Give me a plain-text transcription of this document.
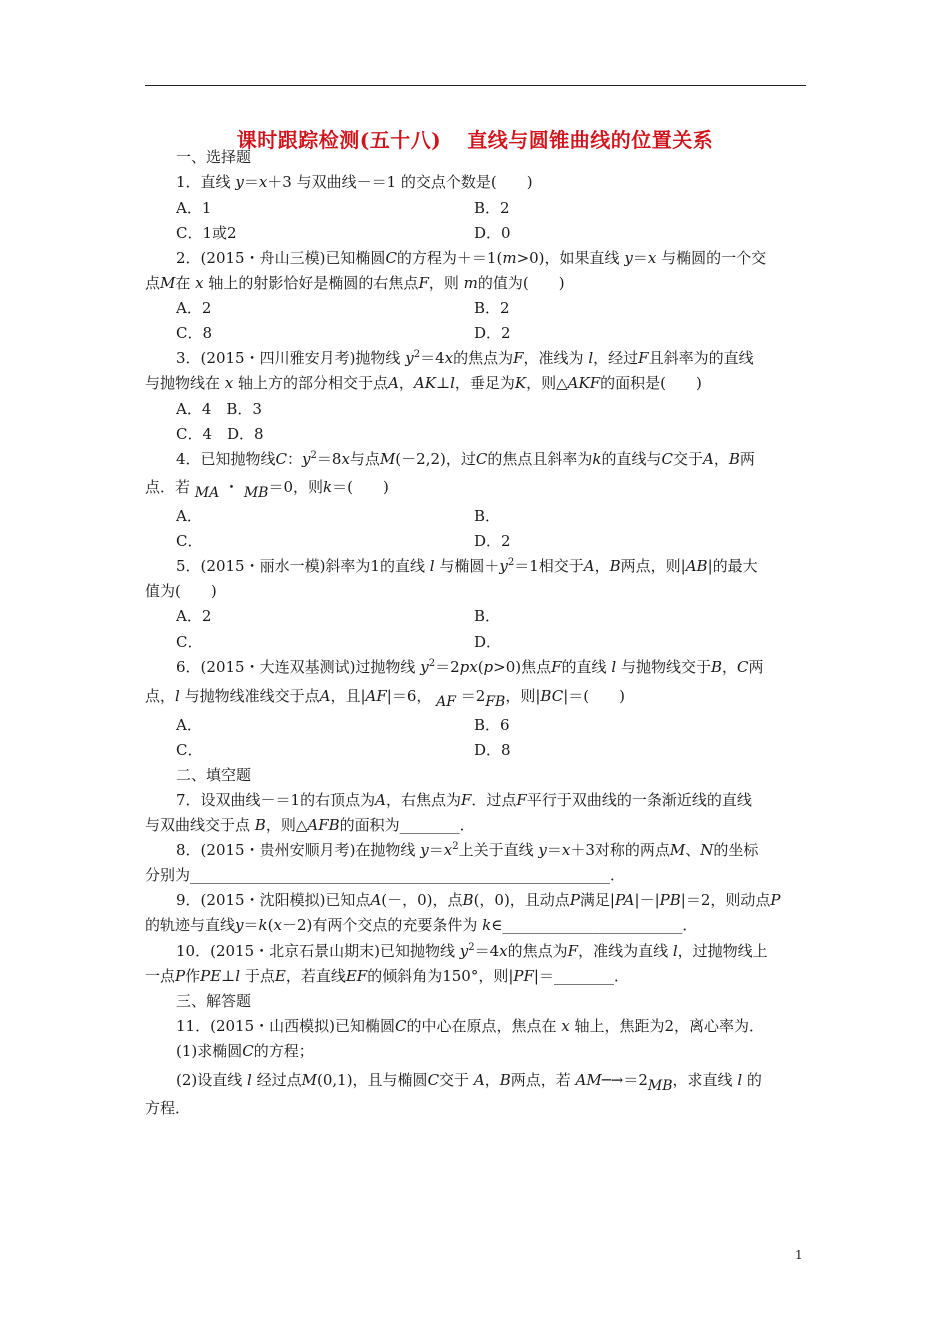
课时跟踪检测(五十八) 直线与圆锥曲线的位置关系
一、选择题
1．直线 y＝x＋3 与双曲线－＝1 的交点个数是(　　)
A．1	B．2
C．1或2	D．0
2．(2015・舟山三模)已知椭圆C的方程为＋＝1(m>0)，如果直线 y＝x 与椭圆的一个交
点M在 x 轴上的射影恰好是椭圆的右焦点F，则 m的值为(　　)
A．2	B．2
C．8	D．2
3．(2015・四川雅安月考)抛物线 $y^2=4x$的焦点为F，准线为 l，经过F且斜率为的直线
与抛物线在 x 轴上方的部分相交于点A，AK⊥l，垂足为K，则△AKF的面积是(　　)
A．4　B．3
C．4　D．8
4．已知抛物线C：$y^2=8x$与点M(－2,2)，过C的焦点且斜率为k的直线与C交于A，B两
点．若 MA ・ MB＝0，则k＝(　　)
A．	B．
C．	D．2
5．(2015・丽水一模)斜率为1的直线 l 与椭圆$+y^2=1$相交于A，B两点，则|AB|的最大
值为(　　)
A．2	B．
C．	D．
6．(2015・大连双基测试)过抛物线 $y^2=2px(p>0)$焦点F的直线 l 与抛物线交于B，C两
点，l 与抛物线准线交于点A，且|AF|＝6， AF ＝2FB，则|BC|＝(　　)
A．	B．6
C．	D．8
二、填空题
7．设双曲线－＝1的右顶点为A，右焦点为F．过点F平行于双曲线的一条渐近线的直线
与双曲线交于点 B，则△AFB的面积为________．
8．(2015・贵州安顺月考)在抛物线 $y=x^2$上关于直线 y＝x＋3对称的两点M、N的坐标
分别为________________________________________________________．
9．(2015・沈阳模拟)已知点A(－，0)，点B(，0)，且动点P满足|PA|－|PB|＝2，则动点P
的轨迹与直线y＝k(x－2)有两个交点的充要条件为 k∈________________________．
10．(2015・北京石景山期末)已知抛物线 $y^2=4x$的焦点为F，准线为直线 l，过抛物线上
一点P作PE⊥l 于点E，若直线EF的倾斜角为150°，则|PF|＝________．
三、解答题
11．(2015・山西模拟)已知椭圆C的中心在原点，焦点在 x 轴上，焦距为2，离心率为．
(1)求椭圆C的方程；
(2)设直线 l 经过点M(0,1)，且与椭圆C交于 A，B两点，若 AM─→＝2MB，求直线 l 的
方程．
1
